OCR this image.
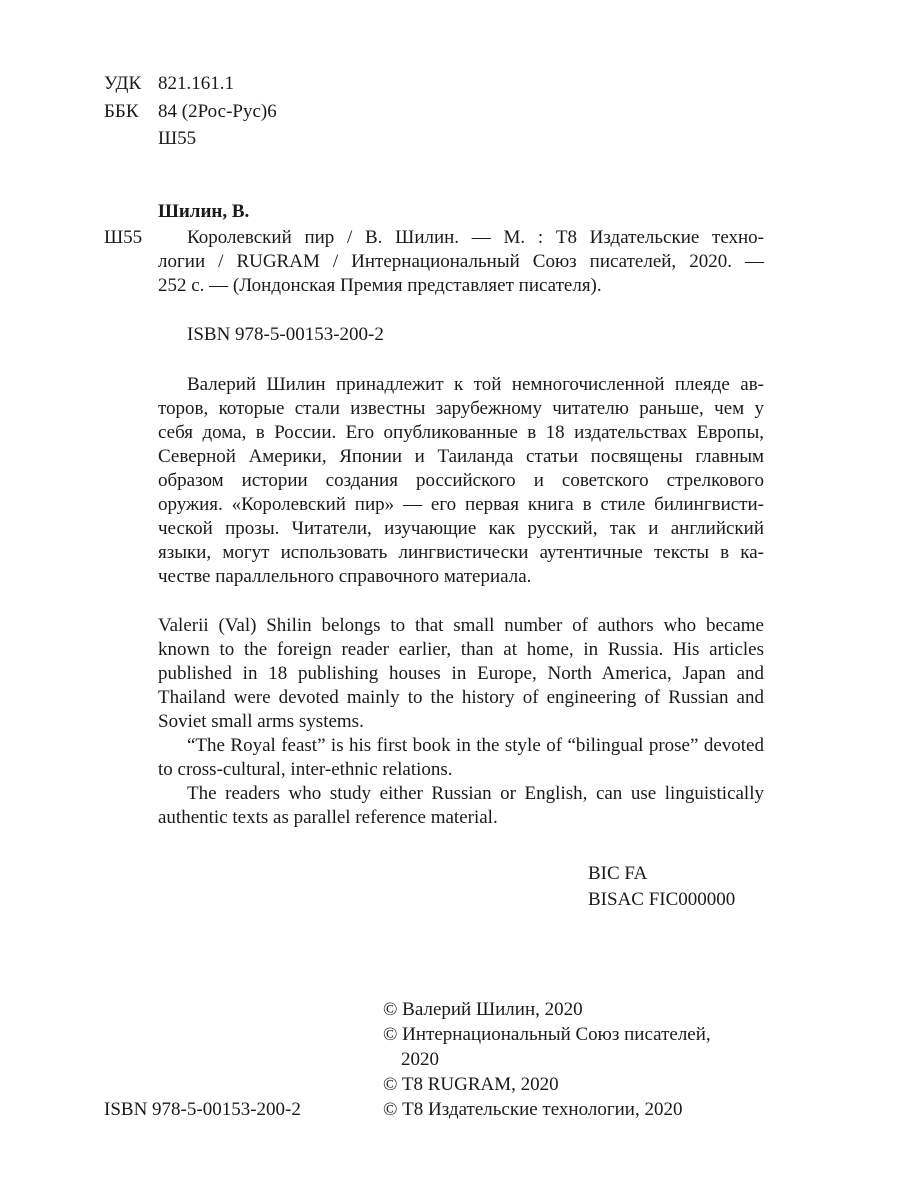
УДК 821.161.1
ББК 84 (2Рос-Рус)6
Ш55
Шилин, В.
Ш55	Королевский пир / В. Шилин. — М. : Т8 Издательские техно-
логии / RUGRAM / Интернациональный Союз писателей, 2020. —
252 с. — (Лондонская Премия представляет писателя).
ISBN 978-5-00153-200-2
Валерий Шилин принадлежит к той немногочисленной плеяде ав-
торов, которые стали известны зарубежному читателю раньше, чем у
себя дома, в России. Его опубликованные в 18 издательствах Европы,
Северной Америки, Японии и Таиланда статьи посвящены главным
образом истории создания российского и советского стрелкового
оружия. «Королевский пир» — его первая книга в стиле билингвисти-
ческой прозы. Читатели, изучающие как русский, так и английский
языки, могут использовать лингвистически аутентичные тексты в ка-
честве параллельного справочного материала.
Valerii (Val) Shilin belongs to that small number of authors who became
known to the foreign reader earlier, than at home, in Russia. His articles
published in 18 publishing houses in Europe, North America, Japan and
Thailand were devoted mainly to the history of engineering of Russian and
Soviet small arms systems.
“The Royal feast” is his first book in the style of “bilingual prose” devoted
to cross-cultural, inter-ethnic relations.
The readers who study either Russian or English, can use linguistically
authentic texts as parallel reference material.
BIC FA
BISAC FIC000000
© Валерий Шилин, 2020
© Интернациональный Союз писателей,
2020
© T8 RUGRAM, 2020
© Т8 Издательские технологии, 2020
ISBN 978-5-00153-200-2
